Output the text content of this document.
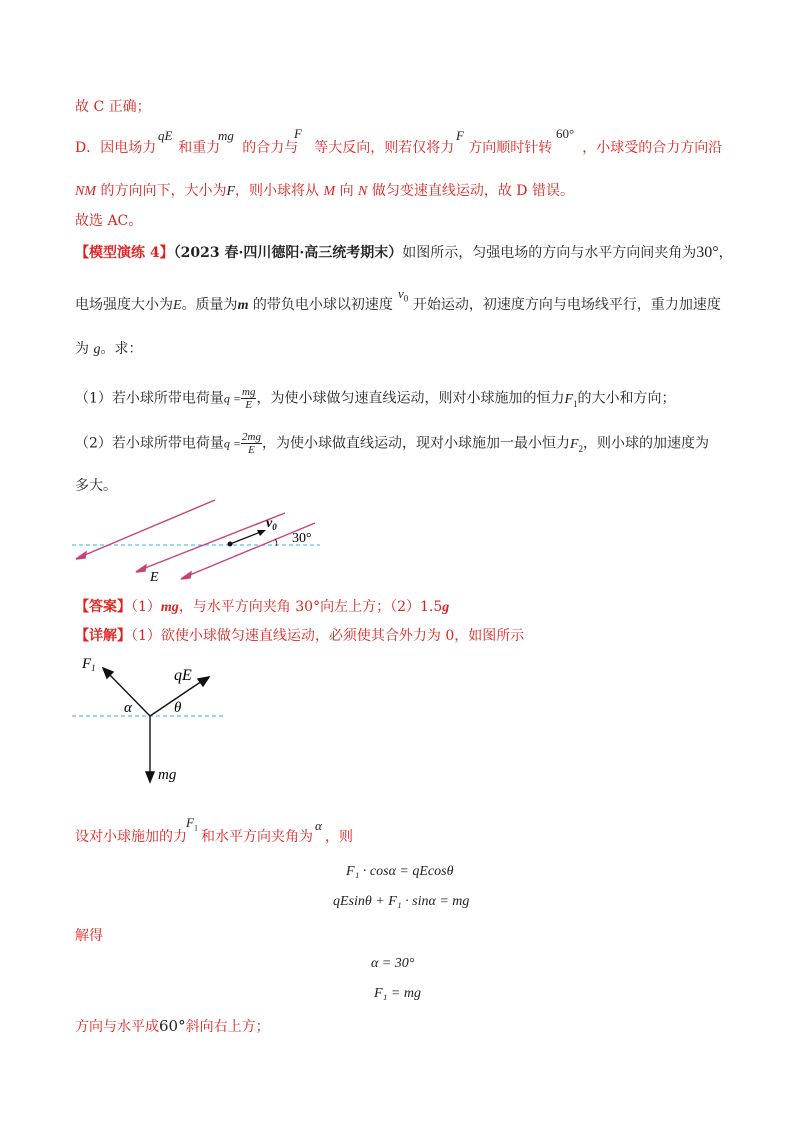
故 C 正确；
D．因电场力 和重力 的合力与 等大反向，则若仅将力 方向顺时针转 ，小球受的合力方向沿
qE	mg	F	F	60°
NM 的方向向下，大小为F，则小球将从 M 向 N 做匀变速直线运动，故 D 错误。
故选 AC。
【模型演练 4】（2023 春·四川德阳·高三统考期末）如图所示，匀强电场的方向与水平方向间夹角为30°，
电场强度大小为E。质量为m 的带负电小球以初速度 开始运动，初速度方向与电场线平行，重力加速度
$v_0$
为 g。求：
（1）若小球所带电荷量$q = \frac{mg}{E}$ ，为使小球做匀速直线运动，则对小球施加的恒力$F_1$的大小和方向；
（2）若小球所带电荷量$q = \frac{2mg}{E}$ ，为使小球做直线运动，现对小球施加一最小恒力$F_2$，则小球的加速度为
多大。
$v_0$
30°
E
【答案】（1）mg，与水平方向夹角 30°向左上方；（2）1.5g
【详解】（1）欲使小球做匀速直线运动，必须使其合外力为 0，如图所示
$F_1$	qE
α	θ
mg
设对小球施加的力 和水平方向夹角为 ，则
$F_1$	α
F₁ · cosα = qEcosθ
qEsinθ + F₁ · sinα = mg
解得
α = 30°
F₁ = mg
方向与水平成60°斜向右上方；
